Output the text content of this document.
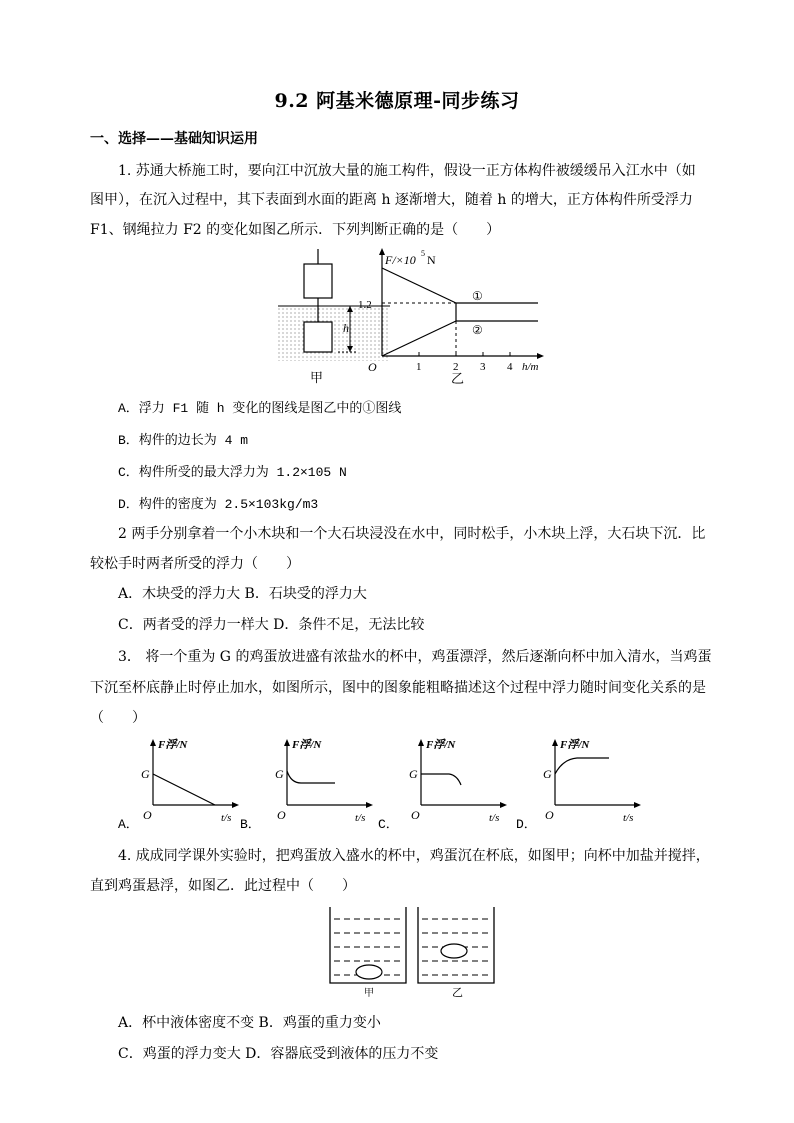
9.2 阿基米德原理-同步练习
一、选择——基础知识运用
1. 苏通大桥施工时，要向江中沉放大量的施工构件，假设一正方体构件被缓缓吊入江水中（如
图甲），在沉入过程中，其下表面到水面的距离 h 逐渐增大，随着 h 的增大，正方体构件所受浮力
F1、钢绳拉力 F2 的变化如图乙所示．下列判断正确的是（　　）
h
甲
F/×10 5 N
1.2
O
①
②
1	2 3 4 h/m
乙
A．浮力 F1 随 h 变化的图线是图乙中的①图线
B．构件的边长为 4 m
C．构件所受的最大浮力为 1.2×105 N
D．构件的密度为 2.5×103kg/m3
2 两手分别拿着一个小木块和一个大石块浸没在水中，同时松手，小木块上浮，大石块下沉．比
较松手时两者所受的浮力（　　）
A．木块受的浮力大 B．石块受的浮力大
C．两者受的浮力一样大 D．条件不足，无法比较
3． 将一个重为 G 的鸡蛋放进盛有浓盐水的杯中，鸡蛋漂浮，然后逐渐向杯中加入清水，当鸡蛋
下沉至杯底静止时停止加水，如图所示，图中的图象能粗略描述这个过程中浮力随时间变化关系的是
（　　）
A．	B．	C．	D．
F浮/N
G
O	t/s
F浮/N
G
O	t/s
F浮/N
G
O	t/s
F浮/N
G
O	t/s
4. 成成同学课外实验时，把鸡蛋放入盛水的杯中，鸡蛋沉在杯底，如图甲；向杯中加盐并搅拌，
直到鸡蛋悬浮，如图乙．此过程中（　　）
甲	乙
A．杯中液体密度不变 B．鸡蛋的重力变小
C．鸡蛋的浮力变大 D．容器底受到液体的压力不变
